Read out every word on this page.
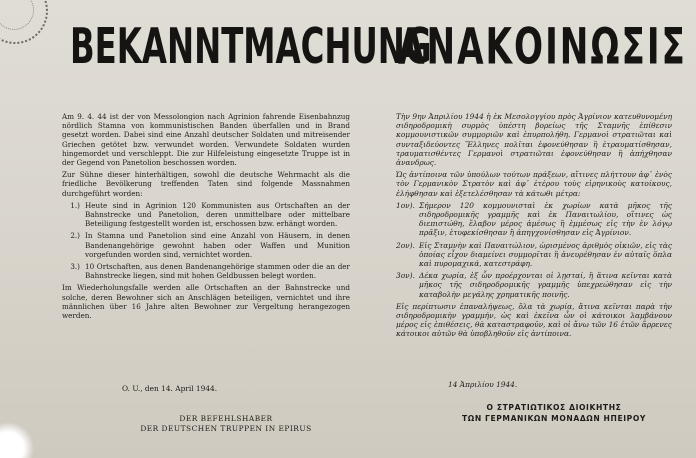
BEKANNTMACHUNG
ΑΝΑΚΟΙΝΩΣΙΣ

Am 9. 4. 44 ist der von Messolongion nach Agrinion fahrende Eisenbahnzug nördlich Stamna von kommunistischen Banden überfallen und in Brand gesetzt worden. Dabei sind eine Anzahl deutscher Soldaten und mitreisender Griechen getötet bzw. verwundet worden. Verwundete Soldaten wurden hingemordet und verschleppt. Die zur Hilfeleistung eingesetzte Truppe ist in der Gegend von Panetolion beschossen worden.

Zur Sühne dieser hinterhältigen, sowohl die deutsche Wehrmacht als die friedliche Bevölkerung treffenden Taten sind folgende Massnahmen durchgeführt worden:

1.) Heute sind in Agrinion 120 Kommunisten aus Ortschaften an der Bahnstrecke und Panetolion, deren unmittelbare oder mittelbare Beteiligung festgestellt worden ist, erschossen bzw. erhängt worden.
2.) In Stamna und Panetolion sind eine Anzahl von Häusern, in denen Bandenangehörige gewohnt haben oder Waffen und Munition vorgefunden worden sind, vernichtet worden.
3.) 10 Ortschaften, aus denen Bandenangehörige stammen oder die an der Bahnstrecke liegen, sind mit hohen Geldbussen belegt worden.

Im Wiederholungsfalle werden alle Ortschaften an der Bahnstrecke und solche, deren Bewohner sich an Anschlägen beteiligen, vernichtet und ihre männlichen über 16 Jahre alten Bewohner zur Vergeltung herangezogen werden.

O. U., den 14. April 1944.
DER BEFEHLSHABER
DER DEUTSCHEN TRUPPEN IN EPIRUS

Τὴν 9ην Ἀπριλίου 1944 ἡ ἐκ Μεσολογγίου πρὸς Ἀγρίνιον κατευθυνομένη σιδηροδρομικὴ συρμὸς ὑπέστη βορείως τῆς Σταμνῆς ἐπίθεσιν κομμουνιστικῶν συμμοριῶν καὶ ἐπυρπολήθη. Γερμανοὶ στρατιῶται καὶ συνταξιδεύοντες Ἕλληνες πολῖται ἐφονεύθησαν ἢ ἐτραυματίσθησαν, τραυματισθέντες Γερμανοὶ στρατιῶται ἐφονεύθησαν ἢ ἀπήχθησαν ἀνανδρως.

Ὡς ἀντίποινα τῶν ὑπούλων τούτων πράξεων, αἵτινες πλήττουν ἀφ᾽ ἑνὸς τὸν Γερμανικὸν Στρατὸν καὶ ἀφ᾽ ἑτέρου τοὺς εἰρηνικοὺς κατοίκους, ἐλήφθησαν καὶ ἐξετελέσθησαν τὰ κάτωθι μέτρα:

1ον). Σήμερον 120 κομμουνισταὶ ἐκ χωρίων κατὰ μῆκος τῆς σιδηροδρομικῆς γραμμῆς καὶ ἐκ Παναιτωλίου, οἵτινες ὡς διεπιστώθη, ἔλαβον μέρος ἀμέσως ἢ ἐμμέσως εἰς τὴν ἐν λόγῳ πρᾶξιν, ἐτυφεκίσθησαν ἢ ἀπηγχονίσθησαν εἰς Ἀγρίνιον.
2ον). Εἰς Σταμνὴν καὶ Παναιτώλιον, ὡρισμένος ἀριθμὸς οἰκιῶν, εἰς τὰς ὁποίας εἶχον διαμείνει συμμορῖται ἢ ἀνευρέθησαν ἐν αὐταῖς ὅπλα καὶ πυρομαχικά, κατεστράφη.
3ον). Δέκα χωρία, ἐξ ὧν προέρχονται οἱ λῃσταί, ἢ ἅτινα κεῖνται κατὰ μῆκος τῆς σιδηροδρομικῆς γραμμῆς ὑπεχρεώθησαν εἰς τὴν καταβολὴν μεγάλης χρηματικῆς ποινῆς.

Εἰς περίπτωσιν ἐπαναλήψεως, ὅλα τὰ χωρία, ἅτινα κεῖνται παρὰ τὴν σιδηροδρομικὴν γραμμήν, ὡς καὶ ἐκεῖνα ὧν οἱ κάτοικοι λαμβάνουν μέρος εἰς ἐπιθέσεις, θὰ καταστραφοῦν, καὶ οἱ ἄνω τῶν 16 ἐτῶν ἄρρενες κάτοικοι αὐτῶν θὰ ὑποβληθοῦν εἰς ἀντίποινα.

14 Ἀπριλίου 1944.
Ο ΣΤΡΑΤΙΩΤΙΚΟΣ ΔΙΟΙΚΗΤΗΣ
ΤΩΝ ΓΕΡΜΑΝΙΚΩΝ ΜΟΝΑΔΩΝ ΗΠΕΙΡΟΥ
